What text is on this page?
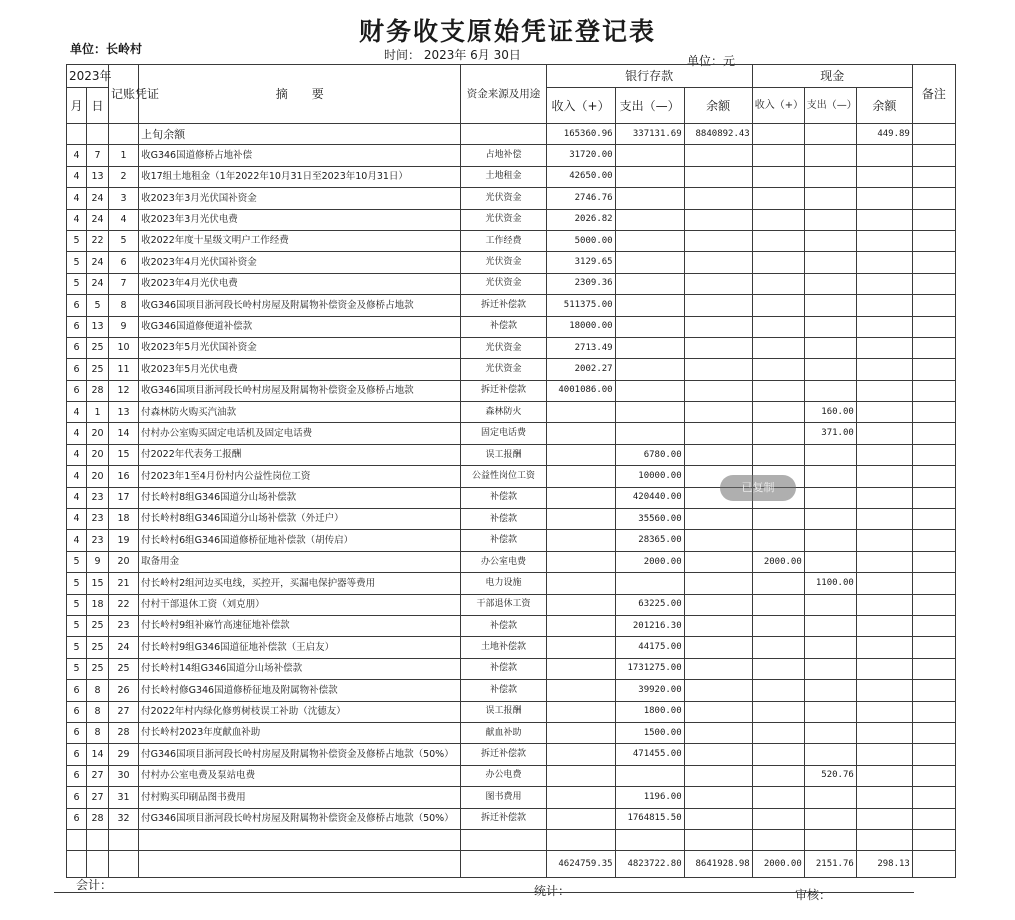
财务收支原始凭证登记表
单位：长岭村	时间： 2023年 6月 30日	单位：元
2023年		记账凭证	摘　　要	资金来源及用途	银行存款			现金			备注
月	日				收入（+）	支出（—）	余额	收入（+）	支出（—）	余额	
			上旬余额		165360.96	337131.69	8840892.43			449.89	
4	7	1	收G346国道修桥占地补偿	占地补偿	31720.00						
4	13	2	收17组土地租金（1年2022年10月31日至2023年10月31日）	土地租金	42650.00						
4	24	3	收2023年3月光伏国补资金	光伏资金	2746.76						
4	24	4	收2023年3月光伏电费	光伏资金	2026.82						
5	22	5	收2022年度十星级文明户工作经费	工作经费	5000.00						
5	24	6	收2023年4月光伏国补资金	光伏资金	3129.65						
5	24	7	收2023年4月光伏电费	光伏资金	2309.36						
6	5	8	收G346国项目浙河段长岭村房屋及附属物补偿资金及修桥占地款	拆迁补偿款	511375.00						
6	13	9	收G346国道修便道补偿款	补偿款	18000.00						
6	25	10	收2023年5月光伏国补资金	光伏资金	2713.49						
6	25	11	收2023年5月光伏电费	光伏资金	2002.27						
6	28	12	收G346国项目浙河段长岭村房屋及附属物补偿资金及修桥占地款	拆迁补偿款	4001086.00						
4	1	13	付森林防火购买汽油款	森林防火					160.00		
4	20	14	付村办公室购买固定电话机及固定电话费	固定电话费					371.00		
4	20	15	付2022年代表务工报酬	误工报酬		6780.00					
4	20	16	付2023年1至4月份村内公益性岗位工资	公益性岗位工资		10000.00					
4	23	17	付长岭村8组G346国道分山场补偿款	补偿款		420440.00					
4	23	18	付长岭村8组G346国道分山场补偿款（外迁户）	补偿款		35560.00					
4	23	19	付长岭村6组G346国道修桥征地补偿款（胡传启）	补偿款		28365.00					
5	9	20	取备用金	办公室电费		2000.00		2000.00			
5	15	21	付长岭村2组河边买电线，买控开，买漏电保护器等费用	电力设施					1100.00		
5	18	22	付村干部退休工资（刘克朋）	干部退休工资		63225.00					
5	25	23	付长岭村9组补麻竹高速征地补偿款	补偿款		201216.30					
5	25	24	付长岭村9组G346国道征地补偿款（王启友）	土地补偿款		44175.00					
5	25	25	付长岭村14组G346国道分山场补偿款	补偿款		1731275.00					
6	8	26	付长岭村修G346国道修桥征地及附属物补偿款	补偿款		39920.00					
6	8	27	付2022年村内绿化修剪树枝误工补助（沈德友）	误工报酬		1800.00					
6	8	28	付长岭村2023年度献血补助	献血补助		1500.00					
6	14	29	付G346国项目浙河段长岭村房屋及附属物补偿资金及修桥占地款（50%）	拆迁补偿款		471455.00					
6	27	30	付村办公室电费及泵站电费	办公电费					520.76		
6	27	31	付村购买印刷品图书费用	图书费用		1196.00					
6	28	32	付G346国项目浙河段长岭村房屋及附属物补偿资金及修桥占地款（50%）	拆迁补偿款		1764815.50					

					4624759.35	4823722.80	8641928.98	2000.00	2151.76	298.13	
已复制
会计：	统计：	审核：
